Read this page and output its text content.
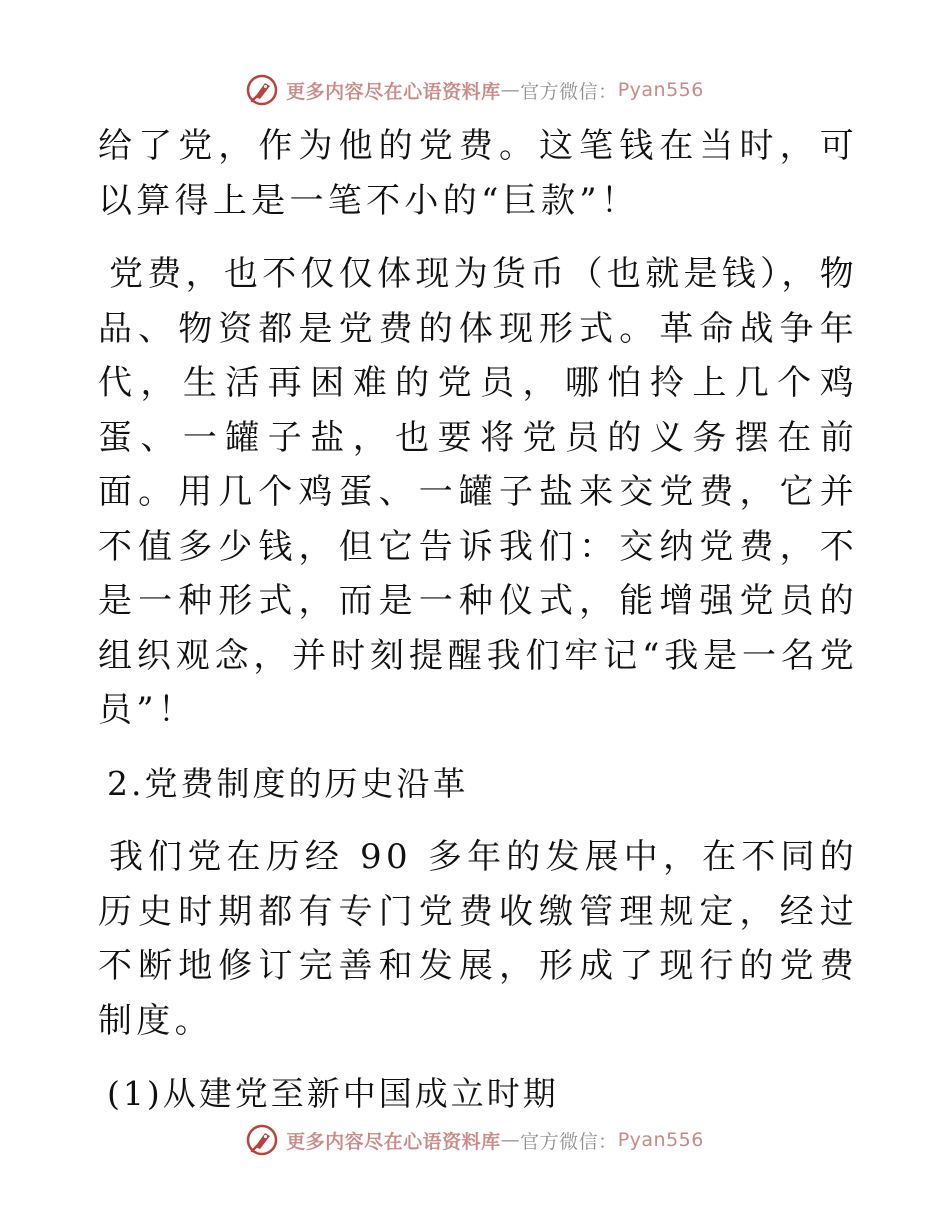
更多内容尽在心语资料库 — 官方微信： Pyan556

给了党，作为他的党费。这笔钱在当时，可以算得上是一笔不小的“巨款”！

党费，也不仅仅体现为货币（也就是钱），物品、物资都是党费的体现形式。革命战争年代，生活再困难的党员，哪怕拎上几个鸡蛋、一罐子盐，也要将党员的义务摆在前面。用几个鸡蛋、一罐子盐来交党费，它并不值多少钱，但它告诉我们：交纳党费，不是一种形式，而是一种仪式，能增强党员的组织观念，并时刻提醒我们牢记“我是一名党员”！

2.党费制度的历史沿革

我们党在历经 90 多年的发展中，在不同的历史时期都有专门党费收缴管理规定，经过不断地修订完善和发展，形成了现行的党费制度。

(1)从建党至新中国成立时期

更多内容尽在心语资料库 — 官方微信： Pyan556
